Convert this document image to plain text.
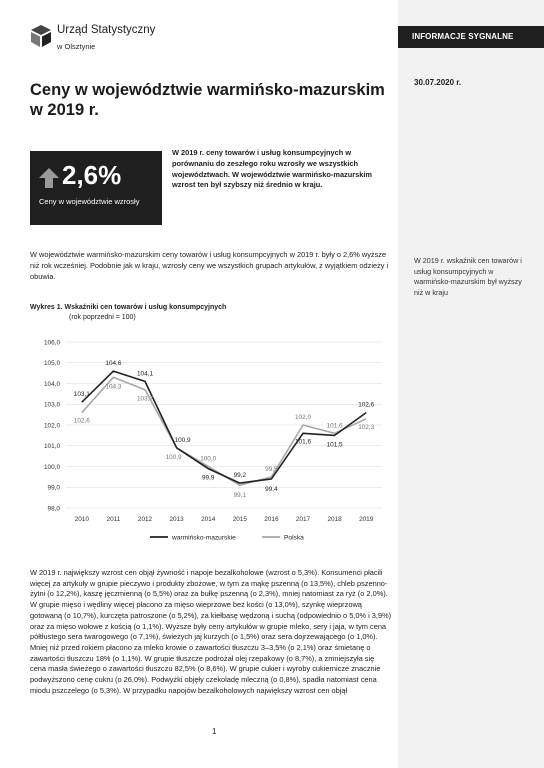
INFORMACJE SYGNALNE
30.07.2020 r.
W 2019 r. wskaźnik cen towarów i usług konsumpcyjnych w warmińsko-mazurskim był wyższy niż w kraju
Urząd Statystyczny
w Olsztynie
Ceny w województwie warmińsko-mazurskim w 2019 r.
2,6%
Ceny w województwie wzrosły
W 2019 r. ceny towarów i usług konsumpcyjnych w porównaniu do zeszłego roku wzrosły we wszystkich województwach. W województwie warmińsko-mazurskim wzrost ten był szybszy niż średnio w kraju.
W województwie warmińsko-mazurskim ceny towarów i usług konsumpcyjnych w 2019 r. były o 2,6% wyższe niż rok wcześniej. Podobnie jak w kraju, wzrosły ceny we wszystkich grupach artykułów, z wyjątkiem odzieży i obuwia.
Wykres 1. Wskaźniki cen towarów i usług konsumpcyjnych
(rok poprzedni = 100)
106,0
105,0
104,0
103,0
102,0
101,0
100,0
99,0
98,0
2010	2011	2012	2013	2014	2015	2016	2017	2018	2019
103,1
104,6
104,1
100,9
99,9	99,2
99,4
101,6 101,5
102,6
102,6
104,3
103,7
100,9	100,0
99,1
99,5
102,0
101,6 102,3
warmińsko-mazurskie	Polska
W 2019 r. największy wzrost cen objął żywność i napoje bezalkoholowe (wzrost o 5,3%). Konsumenci płacili więcej za artykuły w grupie pieczywo i produkty zbożowe, w tym za mąkę pszenną (o 13,5%), chleb pszenno-żytni (o 12,2%), kaszę jęczmienną (o 5,5%) oraz za bułkę pszenną (o 2,3%), mniej natomiast za ryż (o 2,0%). W grupie mięso i wędliny więcej płacono za mięso wieprzowe bez kości (o 13,0%), szynkę wieprzową gotowaną (o 10,7%), kurczęta patroszone (o 5,2%), za kiełbasę wędzoną i suchą (odpowiednio o 5,0% i 3,9%) oraz za mięso wołowe z kością (o 1,1%). Wyższe były ceny artykułów w grupie mleko, sery i jaja, w tym cena półtłustego sera twarogowego (o 7,1%), świeżych jaj kurzych (o 1,5%) oraz sera dojrzewającego (o 1,0%). Mniej niż przed rokiem płacono za mleko krowie o zawartości tłuszczu 3–3,5% (o 2,1%) oraz śmietanę o zawartości tłuszczu 18% (o 1,1%). W grupie tłuszcze podrożał olej rzepakowy (o 8,7%), a zmniejszyła się cena masła świeżego o zawartości tłuszczu 82,5% (o 8,6%). W grupie cukier i wyroby cukiernicze znacznie podwyższono cenę cukru (o 26,0%). Podwyżki objęły czekoladę mleczną (o 0,8%), spadła natomiast cena miodu pszczelego (o 5,3%). W przypadku napojów bezalkoholowych największy wzrost cen objął
1
